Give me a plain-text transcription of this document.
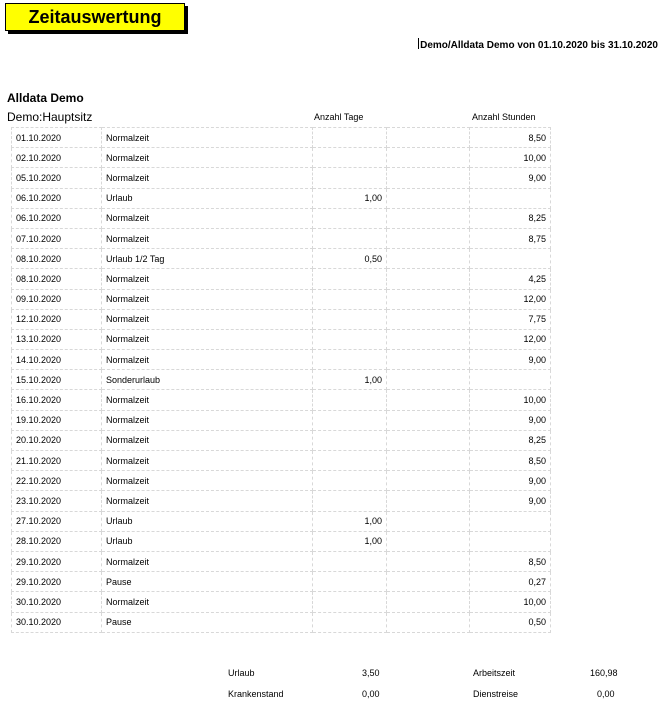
Zeitauswertung
Demo/Alldata Demo von 01.10.2020 bis 31.10.2020
Alldata Demo
Demo:Hauptsitz	Anzahl Tage	Anzahl Stunden
01.10.2020	Normalzeit			8,50
02.10.2020	Normalzeit			10,00
05.10.2020	Normalzeit			9,00
06.10.2020	Urlaub	1,00		
06.10.2020	Normalzeit			8,25
07.10.2020	Normalzeit			8,75
08.10.2020	Urlaub 1/2 Tag	0,50		
08.10.2020	Normalzeit			4,25
09.10.2020	Normalzeit			12,00
12.10.2020	Normalzeit			7,75
13.10.2020	Normalzeit			12,00
14.10.2020	Normalzeit			9,00
15.10.2020	Sonderurlaub	1,00		
16.10.2020	Normalzeit			10,00
19.10.2020	Normalzeit			9,00
20.10.2020	Normalzeit			8,25
21.10.2020	Normalzeit			8,50
22.10.2020	Normalzeit			9,00
23.10.2020	Normalzeit			9,00
27.10.2020	Urlaub	1,00		
28.10.2020	Urlaub	1,00		
29.10.2020	Normalzeit			8,50
29.10.2020	Pause			0,27
30.10.2020	Normalzeit			10,00
30.10.2020	Pause			0,50
Urlaub	3,50	Arbeitszeit	160,98
Krankenstand	0,00	Dienstreise	0,00
